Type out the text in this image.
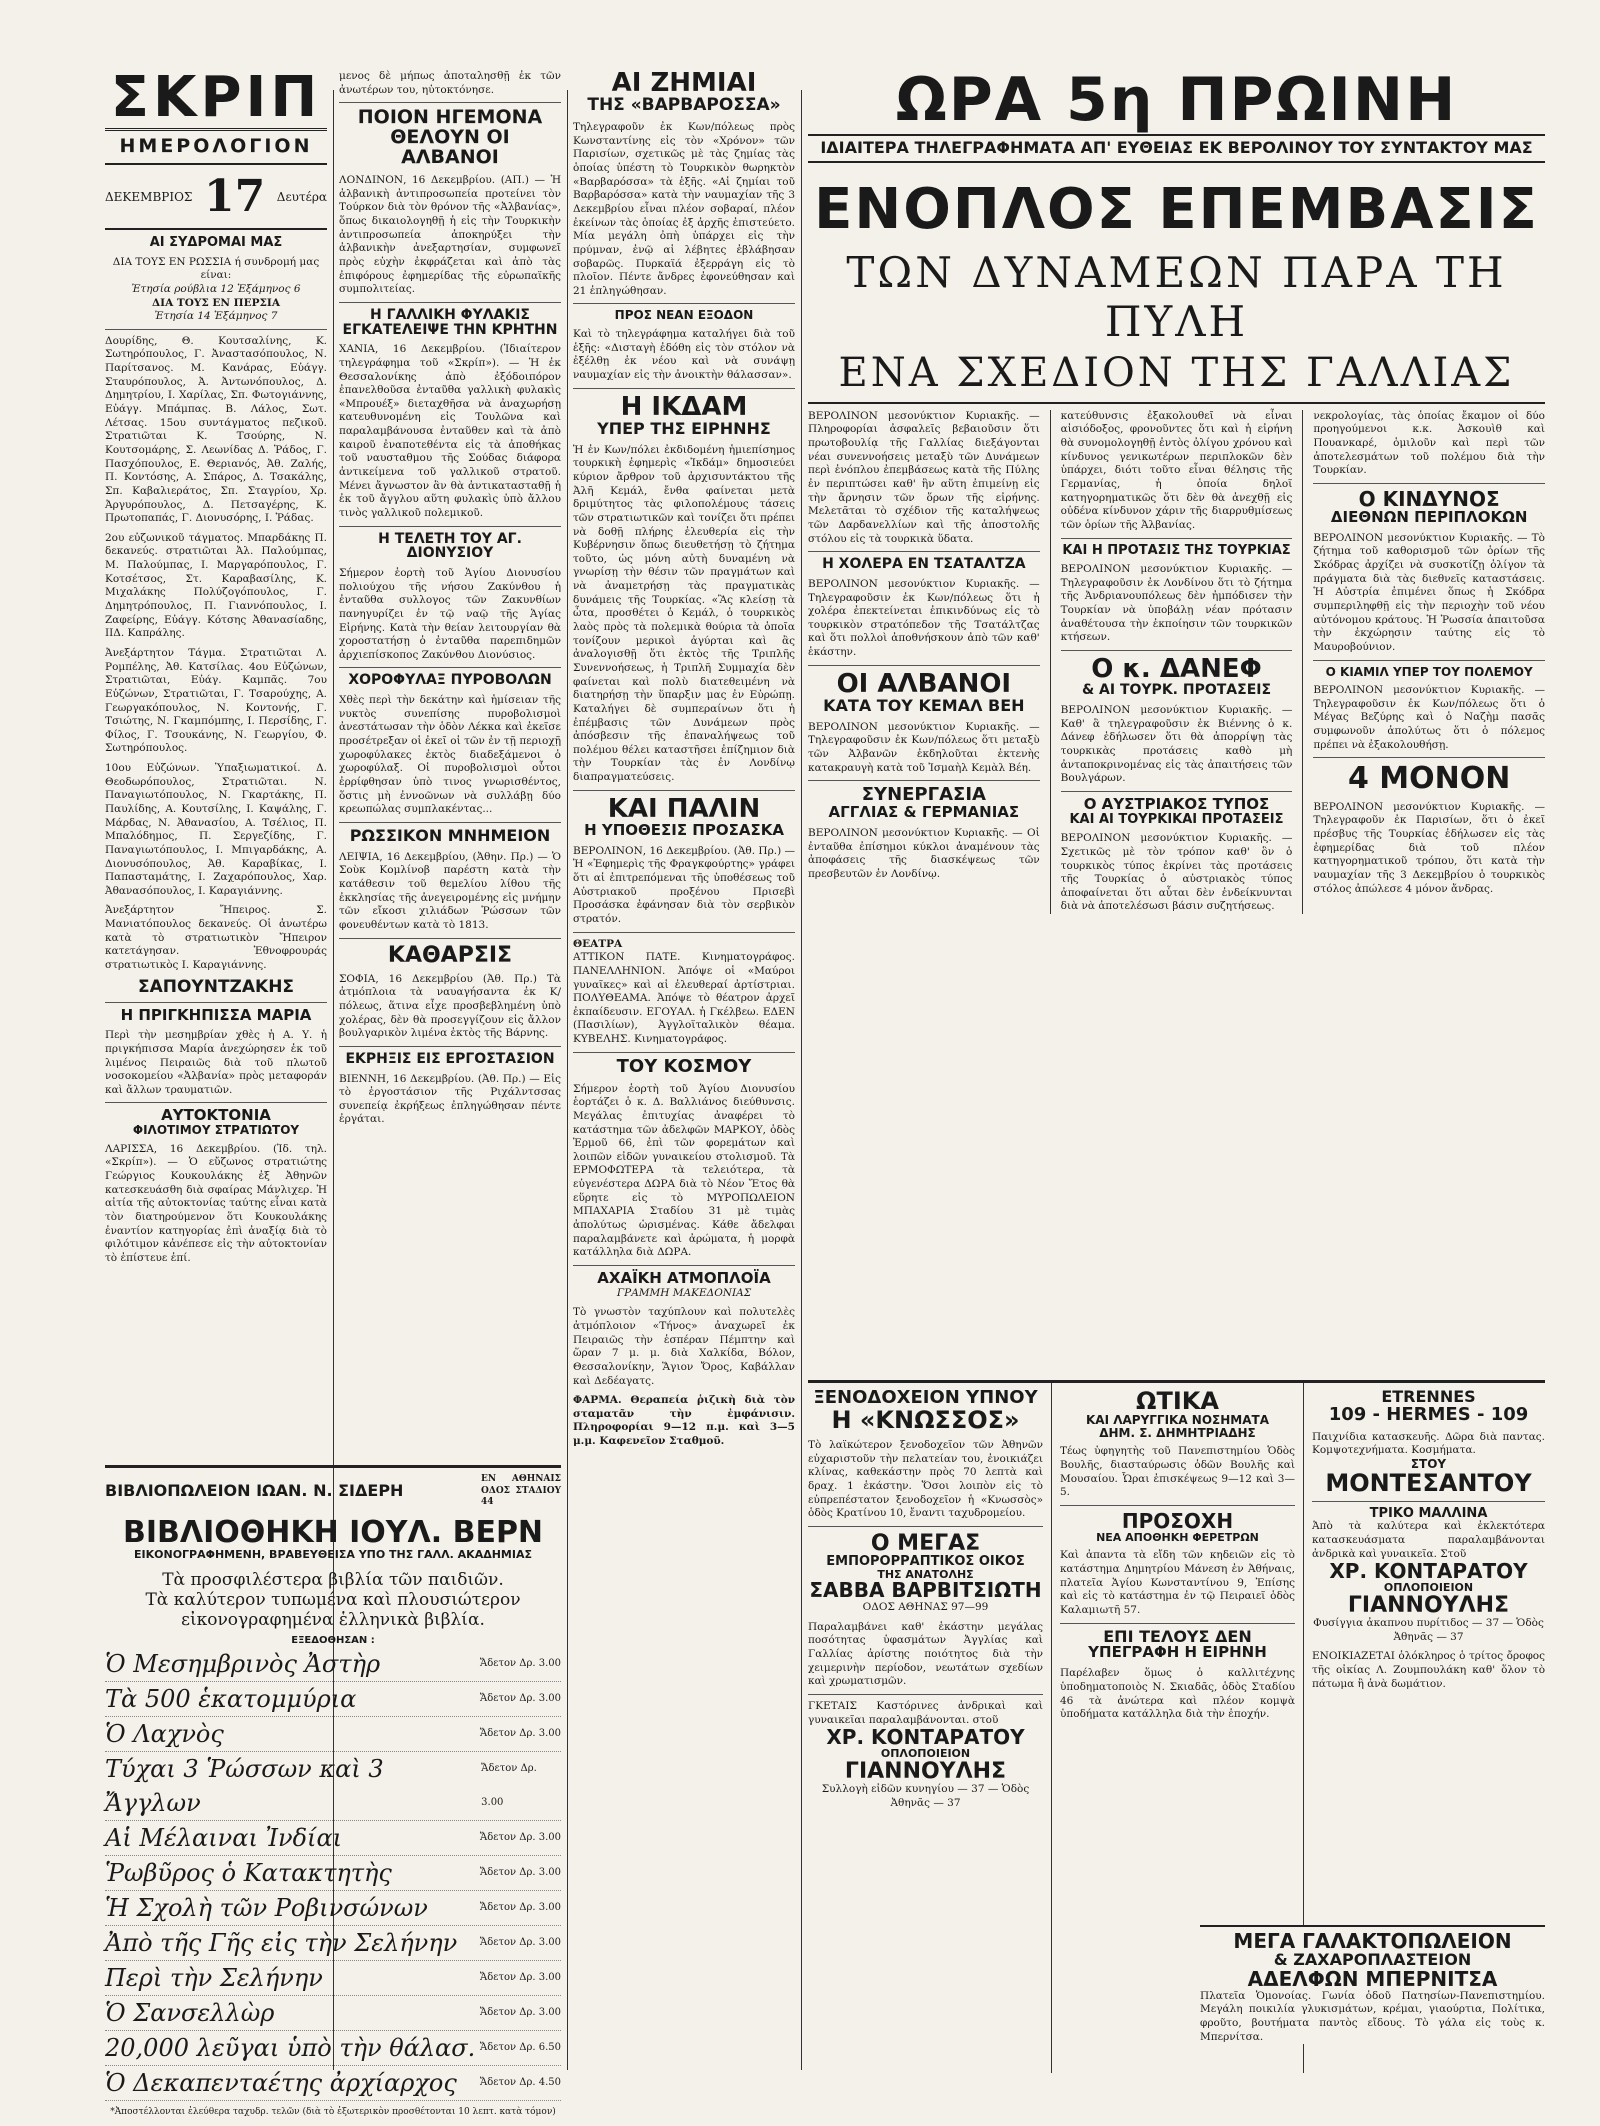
ΣΚΡΙΠ
ΗΜΕΡΟΛΟΓΙΟΝ
ΔΕΚΕΜΒΡΙΟΣ 17 Δευτέρα
ΑΙ ΣΥΔΡΟΜΑΙ ΜΑΣ
ΔΙΑ ΤΟΥΣ ΕΝ ΡΩΣΣΙΑ ή συνδρομή μας είναι:
Ἐτησία ρούβλια 12 Ἑξάμηνος 6
ΔΙΑ ΤΟΥΣ ΕΝ ΠΕΡΣΙΑ
Ἐτησία 14 Ἑξάμηνος 7
Δουρίδης, Θ. Κουτσαλίνης, Κ. Σωτηρόπουλος, Γ. Ἀναστασόπουλος, Ν. Παρίτσανος. Μ. Κανάρας, Εὐάγγ. Σταυρόπουλος, Ἀ. Ἀντωνόπουλος, Δ. Δημητρίου, Ι. Χαρίλας, Σπ. Φωτογιάννης, Εὐάγγ. Μπάμπας. Β. Λάλος, Σωτ. Λέτσας. 15ου συντάγματος πεζικοῦ. Στρατιῶται Κ. Τσούρης, Ν. Κουτσομάρης, Σ. Λεωνίδας Δ. Ῥάδος, Γ. Πασχόπουλος, Ε. Θεριανός, Ἀθ. Ζαλής, Π. Κοντόσης, Α. Σπάρος, Δ. Τσακάλης, Σπ. Καβαλιεράτος, Σπ. Σταγρίου, Χρ. Ἀργυρόπουλος, Δ. Πετσαγέρης, Κ. Πρωτοπαπάς, Γ. Διονυσόρης, Ι. Ῥάδας.
2ου εὐζωνικοῦ τάγματος. Μπαρδάκης Π. δεκανεύς. στρατιῶται Ἀλ. Παλούμπας, Μ. Παλούμπας, Ι. Μαργαρόπουλος, Γ. Κοτσέτσος, Στ. Καραβασίλης, Κ. Μιχαλάκης Πολύζογόπουλος, Γ. Δημητρόπουλος, Π. Γιαννόπουλος, Ι. Ζαφείρης, Εὐάγγ. Κότσης Ἀθανασίαδης, ΙΙΔ. Καπράλης.
Ἀνεξάρτητον Τάγμα. Στρατιῶται Λ. Ρομπέλης, Ἀθ. Κατσίλας. 4ου Εὐζώνων, Στρατιῶται, Εὐάγ. Καμπᾶς. 7ου Εὐζώνων, Στρατιῶται, Γ. Τσαρούχης, Α. Γεωργακόπουλος, Ν. Κοντονής, Γ. Τσιώτης, Ν. Γκαμπόμπης, Ι. Περσίδης, Γ. Φίλος, Γ. Τσουκάνης, Ν. Γεωργίου, Φ. Σωτηρόπουλος.
10ου Εὐζώνων. Ὑπαξιωματικοί. Δ. Θεοδωρόπουλος, Στρατιῶται. Ν. Παναγιωτόπουλος, Ν. Γκαρτάκης, Π. Παυλίδης, Α. Κουτσίλης, Ι. Καψάλης, Γ. Μάρδας, Ν. Ἀθανασίου, Α. Τσέλιος, Π. Μπαλόδημος, Π. Σεργεζίδης, Γ. Παναγιωτόπουλος, Ι. Μπιγαρδάκης, Α. Διονυσόπουλος, Ἀθ. Καραβίκας, Ι. Παπασταμάτης, Ι. Ζαχαρόπουλος, Χαρ. Ἀθανασόπουλος, Ι. Καραγιάννης.
Ἀνεξάρτητον Ἤπειρος. Σ. Μανιατόπουλος δεκανεύς. Οἱ ἀνωτέρω κατὰ τὸ στρατιωτικὸν Ἤπειρον κατετάγησαν. Ἐθνοφρουράς στρατιωτικὸς Ι. Καραγιάννης.
ΣΑΠΟΥΝΤΖΑΚΗΣ
Η ΠΡΙΓΚΗΠΙΣΣΑ ΜΑΡΙΑ
Περὶ τὴν μεσημβρίαν χθὲς ἡ Α. Υ. ἡ πριγκήπισσα Μαρία ἀνεχώρησεν ἐκ τοῦ λιμένος Πειραιῶς διὰ τοῦ πλωτοῦ νοσοκομείου «Ἀλβανία» πρὸς μεταφοράν καὶ ἄλλων τραυματιῶν.
ΑΥΤΟΚΤΟΝΙΑ
ΦΙΛΟΤΙΜΟΥ ΣΤΡΑΤΙΩΤΟΥ
ΛΑΡΙΣΣΑ, 16 Δεκεμβρίου. (Ἰδ. τηλ. «Σκρίπ»). — Ὁ εὔζωνος στρατιώτης Γεώργιος Κουκουλάκης ἐξ Ἀθηνῶν κατεσκευάσθη διὰ σφαίρας Μάνλιχερ. Ἡ αἰτία τῆς αὐτοκτονίας ταύτης εἶναι κατὰ τὸν διατηρούμενον ὅτι Κουκουλάκης ἐναντίον κατηγορίας ἐπὶ ἀναξίᾳ διὰ τὸ φιλότιμον κἀνέπεσε εἰς τὴν αὐτοκτονίαν τὸ ἐπίστευε ἐπί.
μενος δὲ μήπως ἀποταλησθῇ ἐκ τῶν ἀνωτέρων του, ηὐτοκτόνησε.
ΠΟΙΟΝ ΗΓΕΜΟΝΑ
ΘΕΛΟΥΝ ΟΙ ΑΛΒΑΝΟΙ
ΛΟΝΔΙΝΟΝ, 16 Δεκεμβρίου. (ΑΠ.) — Ἡ ἀλβανικὴ ἀντιπροσωπεία προτείνει τὸν Τούρκον διὰ τὸν θρόνον τῆς «Ἀλβανίας», ὅπως δικαιολογηθῇ ἡ εἰς τὴν Τουρκικὴν ἀντιπροσωπεία ἀποκηρύξει τὴν ἀλβανικὴν ἀνεξαρτησίαν, συμφωνεῖ πρὸς εὐχὴν ἐκφράζεται καὶ ἀπὸ τὰς ἐπιφόρους ἐφημερίδας τῆς εὐρωπαϊκῆς συμπολιτείας.
Η ΓΑΛΛΙΚΗ ΦΥΛΑΚΙΣ
ΕΓΚΑΤΕΛΕΙΨΕ ΤΗΝ ΚΡΗΤΗΝ
ΧΑΝΙΑ, 16 Δεκεμβρίου. (Ἰδιαίτερον τηλεγράφημα τοῦ «Σκρίπ»). — Ἡ ἐκ Θεσσαλονίκης ἀπὸ ἐξόδοιπόρον ἐπανελθοῦσα ἐνταῦθα γαλλικὴ φυλακὶς «Μπρουέξ» διεταχθῆσα νὰ ἀναχωρήσῃ κατευθυνομένη εἰς Τουλῶνα καὶ παραλαμβάνουσα ἐνταῦθεν καὶ τὰ ἀπὸ καιροῦ ἐναποτεθέντα εἰς τὰ ἀποθήκας τοῦ ναυσταθμου τῆς Σούδας διάφορα ἀντικείμενα τοῦ γαλλικοῦ στρατοῦ. Μένει ἄγνωστον ἂν θὰ ἀντικατασταθῇ ἡ ἐκ τοῦ ἄγγλου αὕτη φυλακὶς ὑπὸ ἄλλου τινὸς γαλλικοῦ πολεμικοῦ.
Η ΤΕΛΕΤΗ ΤΟΥ ΑΓ. ΔΙΟΝΥΣΙΟΥ
Σήμερον ἑορτὴ τοῦ Ἁγίου Διονυσίου πολιούχου τῆς νήσου Ζακύνθου ἡ ἐνταῦθα συλλογος τῶν Ζακυνθίων πανηγυρίζει ἐν τῷ ναῷ τῆς Ἁγίας Εἰρήνης. Κατὰ τὴν θείαν λειτουργίαν θὰ χοροστατήσῃ ὁ ἐνταῦθα παρεπιδημῶν ἀρχιεπίσκοπος Ζακύνθου Διονύσιος.
ΧΟΡΟΦΥΛΑΞ ΠΥΡΟΒΟΛΩΝ
Χθὲς περὶ τὴν δεκάτην καὶ ἡμίσειαν τῆς νυκτὸς συνεπίσης πυροβολισμοὶ ἀνεστάτωσαν τὴν ὁδὸν Λέκκα καὶ ἐκεῖσε προσέτρεξαν οἱ ἐκεῖ οἱ τῶν ἐν τῇ περιοχῇ χωροφύλακες ἐκτὸς διαδεξάμενοι ὁ χωροφύλαξ. Οἱ πυροβολισμοὶ οὗτοι ἐρρίφθησαν ὑπὸ τινος γνωρισθέντος, ὅστις μὴ ἐννοῶνων νὰ συλλάβῃ δύο κρεωπώλας συμπλακέντας...
ΡΩΣΣΙΚΟΝ ΜΝΗΜΕΙΟΝ
ΛΕΙΨΙΑ, 16 Δεκεμβρίου, (Ἀθην. Πρ.) — Ὁ Σοὺκ Κομλίνοβ παρέστη κατὰ τὴν κατάθεσιν τοῦ θεμελίου λίθου τῆς ἐκκλησίας τῆς ἀνεγειρομένης εἰς μνήμην τῶν εἴκοσι χιλιάδων Ῥώσσων τῶν φονευθέντων κατὰ τὸ 1813.
ΚΑΘΑΡΣΙΣ
ΣΟΦΙΑ, 16 Δεκεμβρίου (Ἀθ. Πρ.) Τὰ ἀτμόπλοια τὰ ναυαγήσαντα ἐκ Κ/πόλεως, ἅτινα εἶχε προσβεβλημένη ὑπὸ χολέρας, δὲν θὰ προσεγγίζουν εἰς ἄλλον βουλγαρικὸν λιμένα ἐκτὸς τῆς Βάρνης.
ΕΚΡΗΞΙΣ ΕΙΣ ΕΡΓΟΣΤΑΣΙΟΝ
ΒΙΕΝΝΗ, 16 Δεκεμβρίου. (Ἀθ. Πρ.) — Εἰς τὸ ἐργοστάσιον τῆς Ριχάλντσσας συνεπείᾳ ἐκρήξεως ἐπληγώθησαν πέντε ἐργάται.
ΑΙ ΖΗΜΙΑΙ
ΤΗΣ «ΒΑΡΒΑΡΟΣΣΑ»
Τηλεγραφοῦν ἐκ Κων/πόλεως πρὸς Κωνσταντίνης εἰς τὸν «Χρόνον» τῶν Παρισίων, σχετικῶς μὲ τὰς ζημίας τὰς ὁποίας ὑπέστη τὸ Τουρκικὸν θωρηκτὸν «Βαρβαρόσσα» τὰ ἑξῆς. «Αἱ ζημίαι τοῦ Βαρβαρόσσα» κατὰ τὴν ναυμαχίαν τῆς 3 Δεκεμβρίου εἶναι πλέον σοβαραί, πλέον ἐκείνων τὰς ὁποίας ἐξ ἀρχῆς ἐπιστεύετο. Μία μεγάλη ὀπὴ ὑπάρχει εἰς τὴν πρύμναν, ἐνῷ αἱ λέβητες ἐβλάβησαν σοβαρῶς. Πυρκαϊά ἐξερράγη εἰς τὸ πλοῖον. Πέντε ἄνδρες ἐφονεύθησαν καὶ 21 ἐπληγώθησαν.
ΠΡΟΣ ΝΕΑΝ ΕΞΟΔΟΝ
Καὶ τὸ τηλεγράφημα καταλήγει διὰ τοῦ ἑξῆς: «Δισταγὴ ἐδόθη εἰς τὸν στόλον νὰ ἐξέλθῃ ἐκ νέου καὶ νὰ συνάψῃ ναυμαχίαν εἰς τὴν ἀνοικτὴν θάλασσαν».
Η ΙΚΔΑΜ
ΥΠΕΡ ΤΗΣ ΕΙΡΗΝΗΣ
Ἡ ἐν Κων/πόλει ἐκδιδομένη ἡμιεπίσημος τουρκικὴ ἐφημερὶς «Ἰκδάμ» δημοσιεύει κύριον ἄρθρον τοῦ ἀρχισυντάκτου τῆς Ἀλῆ Κεμάλ, ἔνθα φαίνεται μετὰ δριμύτητος τὰς φιλοπολέμους τάσεις τῶν στρατιωτικῶν καὶ τονίζει ὅτι πρέπει νὰ δοθῇ πλήρης ἐλευθερία εἰς τὴν Κυβέρνησιν ὅπως διευθετήσῃ τὸ ζήτημα τοῦτο, ὡς μόνη αὐτὴ δυναμένη νὰ γνωρίσῃ τὴν θέσιν τῶν πραγμάτων καὶ νὰ ἀναμετρήσῃ τὰς πραγματικὰς δυνάμεις τῆς Τουρκίας. «Ἂς κλείσῃ τὰ ὦτα, προσθέτει ὁ Κεμάλ, ὁ τουρκικὸς λαὸς πρὸς τὰ πολεμικὰ θούρια τὰ ὁποῖα τονίζουν μερικοὶ ἀγύρται καὶ ἂς ἀναλογισθῇ ὅτι ἐκτὸς τῆς Τριπλῆς Συνεννοήσεως, ἡ Τριπλῆ Συμμαχία δὲν φαίνεται καὶ πολὺ διατεθειμένη νὰ διατηρήσῃ τὴν ὕπαρξιν μας ἐν Εὐρώπῃ. Καταλήγει δὲ συμπεραίνων ὅτι ἡ ἐπέμβασις τῶν Δυνάμεων πρὸς ἀπόσβεσιν τῆς ἐπαναλήψεως τοῦ πολέμου θέλει καταστῆσει ἐπίζημιον διὰ τὴν Τουρκίαν τὰς ἐν Λονδίνῳ διαπραγματεύσεις.
ΚΑΙ ΠΑΛΙΝ
Η ΥΠΟΘΕΣΙΣ ΠΡΟΣΑΣΚΑ
ΒΕΡΟΛΙΝΟΝ, 16 Δεκεμβρίου. (Ἀθ. Πρ.) — Ἡ «Ἐφημερὶς τῆς Φραγκφούρτης» γράφει ὅτι αἱ ἐπιτρεπόμεναι τῆς ὑποθέσεως τοῦ Αὐστριακοῦ προξένου Πρισεβὶ Προσάσκα ἐφάνησαν διὰ τὸν σερβικὸν στρατόν.
ΘΕΑΤΡΑ
ΑΤΤΙΚΟΝ ΠΑΤΕ. Κινηματογράφος. ΠΑΝΕΛΛΗΝΙΟΝ. Ἀπόψε οἱ «Μαύροι γυναῖκες» καὶ αἱ ἐλευθεραί ἀρτίστριαι. ΠΟΛΥΘΕΑΜΑ. Ἀπόψε τὸ θέατρον ἀρχεῖ ἐκπαίδευσιν. ΕΓΟΥΑΛ. ἡ Γκέλβεω. ΕΔΕΝ (Πασιλίων), Ἀγγλοϊταλικὸν θέαμα. ΚΥΒΕΛΗΣ. Κινηματογράφος.
ΤΟΥ ΚΟΣΜΟΥ
Σήμερον ἑορτὴ τοῦ Ἁγίου Διονυσίου ἑορτάζει ὁ κ. Δ. Βαλλιάνος διεύθυνσις. Μεγάλας ἐπιτυχίας ἀναφέρει τὸ κατάστημα τῶν ἀδελφῶν ΜΑΡΚΟΥ, ὁδὸς Ἑρμοῦ 66, ἐπὶ τῶν φορεμάτων καὶ λοιπῶν εἰδῶν γυναικείου στολισμοῦ. Τὰ ΕΡΜΟΦΩΤΕΡΑ τὰ τελειότερα, τὰ εὐγενέστερα ΔΩΡΑ διὰ τὸ Νέον Ἔτος θὰ εὕρητε εἰς τὸ ΜΥΡΟΠΩΛΕΙΟΝ ΜΠΑΧΑΡΙΑ Σταδίου 31 μὲ τιμὰς ἀπολύτως ὡρισμένας. Κάθε ἄδελφαι παραλαμβάνετε καὶ ἀρώματα, ἡ μορφὰ κατάλληλα διὰ ΔΩΡΑ.
ΑΧΑΪΚΗ ΑΤΜΟΠΛΟΪΑ
ΓΡΑΜΜΗ ΜΑΚΕΔΟΝΙΑΣ
Τὸ γνωστὸν ταχύπλουν καὶ πολυτελὲς ἀτμόπλοιον «Τήνος» ἀναχωρεῖ ἐκ Πειραιῶς τὴν ἑσπέραν Πέμπτην καὶ ὥραν 7 μ. μ. διὰ Χαλκίδα, Βόλον, Θεσσαλονίκην, Ἅγιον Ὄρος, Καβάλλαν καὶ Δεδέαγατς.
ΦΑΡΜΑ. Θεραπεία ῥιζικὴ διὰ τὸν σταματᾶν τὴν ἐμφάνισιν. Πληροφορίαι 9—12 π.μ. καὶ 3—5 μ.μ. Καφενεῖον Σταθμοῦ.
ΩΡΑ 5η ΠΡΩΙΝΗ
ΙΔΙΑΙΤΕΡΑ ΤΗΛΕΓΡΑΦΗΜΑΤΑ ΑΠ' ΕΥΘΕΙΑΣ ΕΚ ΒΕΡΟΛΙΝΟΥ ΤΟΥ ΣΥΝΤΑΚΤΟΥ ΜΑΣ
ΕΝΟΠΛΟΣ ΕΠΕΜΒΑΣΙΣ
ΤΩΝ ΔΥΝΑΜΕΩΝ ΠΑΡΑ ΤΗ ΠΥΛΗ
ΕΝΑ ΣΧΕΔΙΟΝ ΤΗΣ ΓΑΛΛΙΑΣ
ΒΕΡΟΛΙΝΟΝ μεσονύκτιον Κυριακῆς. — Πληροφορίαι ἀσφαλεῖς βεβαιοῦσιν ὅτι πρωτοβουλίᾳ τῆς Γαλλίας διεξάγονται νέαι συνεννοήσεις μεταξὺ τῶν Δυνάμεων περὶ ἐνόπλου ἐπεμβάσεως κατὰ τῆς Πύλης ἐν περιπτώσει καθ' ἣν αὕτη ἐπιμείνῃ εἰς τὴν ἄρνησιν τῶν ὅρων τῆς εἰρήνης. Μελετᾶται τὸ σχέδιον τῆς καταλήψεως τῶν Δαρδανελλίων καὶ τῆς ἀποστολῆς στόλου εἰς τὰ τουρκικὰ ὕδατα.
Η ΧΟΛΕΡΑ ΕΝ ΤΣΑΤΑΛΤΖΑ
ΒΕΡΟΛΙΝΟΝ μεσονύκτιον Κυριακῆς. — Τηλεγραφοῦσιν ἐκ Κων/πόλεως ὅτι ἡ χολέρα ἐπεκτείνεται ἐπικινδύνως εἰς τὸ τουρκικὸν στρατόπεδον τῆς Τσατάλτζας καὶ ὅτι πολλοὶ ἀποθνήσκουν ἀπὸ τῶν καθ' ἑκάστην.
ΟΙ ΑΛΒΑΝΟΙ
ΚΑΤΑ ΤΟΥ ΚΕΜΑΛ ΒΕΗ
ΒΕΡΟΛΙΝΟΝ μεσονύκτιον Κυριακῆς. — Τηλεγραφοῦσιν ἐκ Κων/πόλεως ὅτι μεταξὺ τῶν Ἀλβανῶν ἐκδηλοῦται ἐκτενὴς κατακραυγὴ κατὰ τοῦ Ἰσμαὴλ Κεμὰλ Βέη.
ΣΥΝΕΡΓΑΣΙΑ
ΑΓΓΛΙΑΣ & ΓΕΡΜΑΝΙΑΣ
ΒΕΡΟΛΙΝΟΝ μεσονύκτιον Κυριακῆς. — Οἱ ἐνταῦθα ἐπίσημοι κύκλοι ἀναμένουν τὰς ἀποφάσεις τῆς διασκέψεως τῶν πρεσβευτῶν ἐν Λονδίνῳ.
κατεύθυνσις ἐξακολουθεῖ νὰ εἶναι αἰσιόδοξος, φρονοῦντες ὅτι καὶ ἡ εἰρήνη θὰ συνομολογηθῇ ἐντὸς ὀλίγου χρόνου καὶ κίνδυνος γενικωτέρων περιπλοκῶν δὲν ὑπάρχει, διότι τοῦτο εἶναι θέλησις τῆς Γερμανίας, ἡ ὁποία δηλοῖ κατηγορηματικῶς ὅτι δὲν θὰ ἀνεχθῇ εἰς οὐδένα κίνδυνον χάριν τῆς διαρρυθμίσεως τῶν ὁρίων τῆς Ἀλβανίας.
ΚΑΙ Η ΠΡΟΤΑΣΙΣ ΤΗΣ ΤΟΥΡΚΙΑΣ
ΒΕΡΟΛΙΝΟΝ μεσονύκτιον Κυριακῆς. — Τηλεγραφοῦσιν ἐκ Λονδίνου ὅτι τὸ ζήτημα τῆς Ἀνδριανουπόλεως δὲν ἠμπόδισεν τὴν Τουρκίαν νὰ ὑποβάλῃ νέαν πρότασιν ἀναθέτουσα τὴν ἐκποίησιν τῶν τουρκικῶν κτήσεων.
Ο κ. ΔΑΝΕΦ
& ΑΙ ΤΟΥΡΚ. ΠΡΟΤΑΣΕΙΣ
ΒΕΡΟΛΙΝΟΝ μεσονύκτιον Κυριακῆς. — Καθ' ἃ τηλεγραφοῦσιν ἐκ Βιέννης ὁ κ. Δάνεφ ἐδήλωσεν ὅτι θὰ ἀπορρίψῃ τὰς τουρκικὰς προτάσεις καθὸ μὴ ἀνταποκρινομένας εἰς τὰς ἀπαιτήσεις τῶν Βουλγάρων.
Ο ΑΥΣΤΡΙΑΚΟΣ ΤΥΠΟΣ
ΚΑΙ ΑΙ ΤΟΥΡΚΙΚΑΙ ΠΡΟΤΑΣΕΙΣ
ΒΕΡΟΛΙΝΟΝ μεσονύκτιον Κυριακῆς. — Σχετικῶς μὲ τὸν τρόπον καθ' ὃν ὁ τουρκικὸς τύπος ἐκρίνει τὰς προτάσεις τῆς Τουρκίας ὁ αὐστριακὸς τύπος ἀποφαίνεται ὅτι αὗται δὲν ἐνδείκνυνται διὰ νὰ ἀποτελέσωσι βάσιν συζητήσεως.
νεκρολογίας, τὰς ὁποίας ἔκαμον οἱ δύο προηγούμενοι κ.κ. Ἀσκουὶθ καὶ Πουανκαρέ, ὁμιλοῦν καὶ περὶ τῶν ἀποτελεσμάτων τοῦ πολέμου διὰ τὴν Τουρκίαν.
Ο ΚΙΝΔΥΝΟΣ
ΔΙΕΘΝΩΝ ΠΕΡΙΠΛΟΚΩΝ
ΒΕΡΟΛΙΝΟΝ μεσονύκτιον Κυριακῆς. — Τὸ ζήτημα τοῦ καθορισμοῦ τῶν ὁρίων τῆς Σκόδρας ἀρχίζει νὰ συσκοτίζῃ ὁλίγον τὰ πράγματα διὰ τὰς διεθνεῖς καταστάσεις. Ἡ Αὐστρία ἐπιμένει ὅπως ἡ Σκόδρα συμπεριληφθῇ εἰς τὴν περιοχὴν τοῦ νέου αὐτόνομου κράτους. Ἡ Ῥωσσία ἀπαιτοῦσα τὴν ἐκχώρησιν ταύτης εἰς τὸ Μαυροβούνιον.
Ο ΚΙΑΜΙΛ ΥΠΕΡ ΤΟΥ ΠΟΛΕΜΟΥ
ΒΕΡΟΛΙΝΟΝ μεσονύκτιον Κυριακῆς. — Τηλεγραφοῦσιν ἐκ Κων/πόλεως ὅτι ὁ Μέγας Βεζύρης καὶ ὁ Ναζὴμ πασᾶς συμφωνοῦν ἀπολύτως ὅτι ὁ πόλεμος πρέπει νὰ ἐξακολουθήσῃ.
4 ΜΟΝΟΝ
ΒΕΡΟΛΙΝΟΝ μεσονύκτιον Κυριακῆς. — Τηλεγραφοῦν ἐκ Παρισίων, ὅτι ὁ ἐκεῖ πρέσβυς τῆς Τουρκίας ἐδήλωσεν εἰς τὰς ἐφημερίδας διὰ τοῦ πλέον κατηγορηματικοῦ τρόπου, ὅτι κατὰ τὴν ναυμαχίαν τῆς 3 Δεκεμβρίου ὁ τουρκικὸς στόλος ἀπώλεσε 4 μόνον ἄνδρας.
ΞΕΝΟΔΟΧΕΙΟΝ ΥΠΝΟΥ
Η «ΚΝΩΣΣΟΣ»
Τὸ λαϊκώτερον ξενοδοχεῖον τῶν Ἀθηνῶν εὐχαριστοῦν τὴν πελατείαν του, ἐνοικιάζει κλίνας, καθεκάστην πρὸς 70 λεπτὰ καὶ δραχ. 1 ἑκάστην. Ὅσοι λοιπὸν εἰς τὸ εὐπρεπέστατον ξενοδοχεῖον ἡ «Κνωσσὸς» ὁδὸς Κρατίνου 10, ἔναντι ταχυδρομείου.
Ο ΜΕΓΑΣ
ΕΜΠΟΡΟΡΡΑΠΤΙΚΟΣ ΟΙΚΟΣ
ΤΗΣ ΑΝΑΤΟΛΗΣ
ΣΑΒΒΑ ΒΑΡΒΙΤΣΙΩΤΗ
ΟΔΟΣ ΑΘΗΝΑΣ 97—99
Παραλαμβάνει καθ' ἑκάστην μεγάλας ποσότητας ὑφασμάτων Ἀγγλίας καὶ Γαλλίας ἀρίστης ποιότητος διὰ τὴν χειμερινὴν περίοδον, νεωτάτων σχεδίων καὶ χρωματισμῶν.
ΓΚΕΤΑΙΣ Καστόρινες ἀνδρικαὶ καὶ γυναικεῖαι παραλαμβάνονται. στοῦ
ΧΡ. ΚΟΝΤΑΡΑΤΟΥ
ΟΠΛΟΠΟΙΕΙΟΝ
ΓΙΑΝΝΟΥΛΗΣ
Συλλογὴ εἰδῶν κυνηγίου — 37 — Ὁδὸς Ἀθηνᾶς — 37
ΩΤΙΚΑ
ΚΑΙ ΛΑΡΥΓΓΙΚΑ ΝΟΣΗΜΑΤΑ
ΔΗΜ. Σ. ΔΗΜΗΤΡΙΑΔΗΣ
Τέως ὑφηγητὴς τοῦ Πανεπιστημίου Ὁδὸς Βουλῆς, διασταύρωσις ὁδῶν Βουλῆς καὶ Μουσαίου. Ὧραι ἐπισκέψεως 9—12 καὶ 3—5.
ΠΡΟΣΟΧΗ
ΝΕΑ ΑΠΟΘΗΚΗ ΦΕΡΕΤΡΩΝ
Καὶ ἀπαντα τὰ εἴδη τῶν κηδειῶν εἰς τὸ κατάστημα Δημητρίου Μάνεση ἐν Ἀθήναις, πλατεῖα Ἁγίου Κωνσταντίνου 9, Ἐπίσης καὶ εἰς τὸ κατάστημα ἐν τῷ Πειραιεῖ ὁδὸς Καλαμιωτῆ 57.
ΕΠΙ ΤΕΛΟΥΣ ΔΕΝ
ΥΠΕΓΡΑΦΗ Η ΕΙΡΗΝΗ
Παρέλαβεν ὅμως ὁ καλλιτέχνης ὑποδηματοποιὸς Ν. Σκιαδᾶς, ὁδὸς Σταδίου 46 τὰ ἀνώτερα καὶ πλέον κομψὰ ὑποδήματα κατάλληλα διὰ τὴν ἐποχήν.
ETRENNES
109 - HERMES - 109
Παιχνίδια κατασκευῆς. Δῶρα διὰ παντας. Κομψοτεχνήματα. Κοσμήματα.
ΣΤΟΥ
ΜΟΝΤΕΣΑΝΤΟΥ
ΤΡΙΚΟ ΜΑΛΛΙΝΑ
Ἀπὸ τὰ καλύτερα καὶ ἐκλεκτότερα κατασκευάσματα παραλαμβάνονται ἀνδρικὰ καὶ γυναικεῖα. Στοῦ
ΧΡ. ΚΟΝΤΑΡΑΤΟΥ
ΟΠΛΟΠΟΙΕΙΟΝ
ΓΙΑΝΝΟΥΛΗΣ
Φυσίγγια ἀκαπνου πυρίτιδος — 37 — Ὁδὸς Ἀθηνᾶς — 37
ΕΝΟΙΚΙΑΖΕΤΑΙ ὁλόκληρος ὁ τρίτος ὄροφος τῆς οἰκίας Λ. Ζουμπουλάκη καθ' ὅλον τὸ πάτωμα ἢ ἀνὰ δωμάτιον.
ΜΕΓΑ ΓΑΛΑΚΤΟΠΩΛΕΙΟΝ
& ΖΑΧΑΡΟΠΛΑΣΤΕΙΟΝ
ΑΔΕΛΦΩΝ ΜΠΕΡΝΙΤΣΑ
Πλατεῖα Ὁμονοίας. Γωνία ὁδοῦ Πατησίων-Πανεπιστημίου. Μεγάλη ποικιλία γλυκισμάτων, κρέμαι, γιαούρτια, Πολίτικα, φροῦτο, βουτήματα παντὸς εἴδους. Τὸ γάλα εἰς τοὺς κ. Μπερνίτσα.
ΒΙΒΛΙΟΠΩΛΕΙΟΝ ΙΩΑΝ. Ν. ΣΙΔΕΡΗ
ΕΝ ΑΘΗΝΑΙΣ ΟΔΟΣ ΣΤΑΔΙΟΥ 44
ΒΙΒΛΙΟΘΗΚΗ ΙΟΥΛ. ΒΕΡΝ
ΕΙΚΟΝΟΓΡΑΦΗΜΕΝΗ, ΒΡΑΒΕΥΘΕΙΣΑ ΥΠΟ ΤΗΣ ΓΑΛΛ. ΑΚΑΔΗΜΙΑΣ
Τὰ προσφιλέστερα βιβλία τῶν παιδιῶν.
Τὰ καλύτερον τυπωμένα καὶ πλουσιώτερον εἰκονογραφημένα ἑλληνικὰ βιβλία.
ΕΞΕΔΟΘΗΣΑΝ :
Ὁ Μεσημβρινὸς Ἀστὴρ	Ἄδετον Δρ. 3.00
Τὰ 500 ἑκατομμύρια	Ἄδετον Δρ. 3.00
Ὁ Λαχνὸς	Ἄδετον Δρ. 3.00
Τύχαι 3 Ῥώσσων καὶ 3 Ἄγγλων
Ἄδετον Δρ. 3.00
Αἱ Μέλαιναι Ἰνδίαι	Ἄδετον Δρ. 3.00
Ῥωβῦρος ὁ Κατακτητὴς	Ἄδετον Δρ. 3.00
Ἡ Σχολὴ τῶν Ροβινσώνων	Ἄδετον Δρ. 3.00
Ἀπὸ τῆς Γῆς εἰς τὴν Σελήνην Ἄδετον Δρ. 3.00
Περὶ τὴν Σελήνην	Ἄδετον Δρ. 3.00
Ὁ Σανσελλὼρ	Ἄδετον Δρ. 3.00
20,000 λεῦγαι ὑπὸ τὴν θάλασ. Ἄδετον Δρ. 6.50
Ὁ Δεκαπενταέτης ἀρχίαρχος Ἄδετον Δρ. 4.50
*Ἀποστέλλονται ἐλεύθερα ταχυδρ. τελῶν (διὰ τὸ ἐξωτερικὸν προσθέτονται 10 λεπτ. κατὰ τόμον)
